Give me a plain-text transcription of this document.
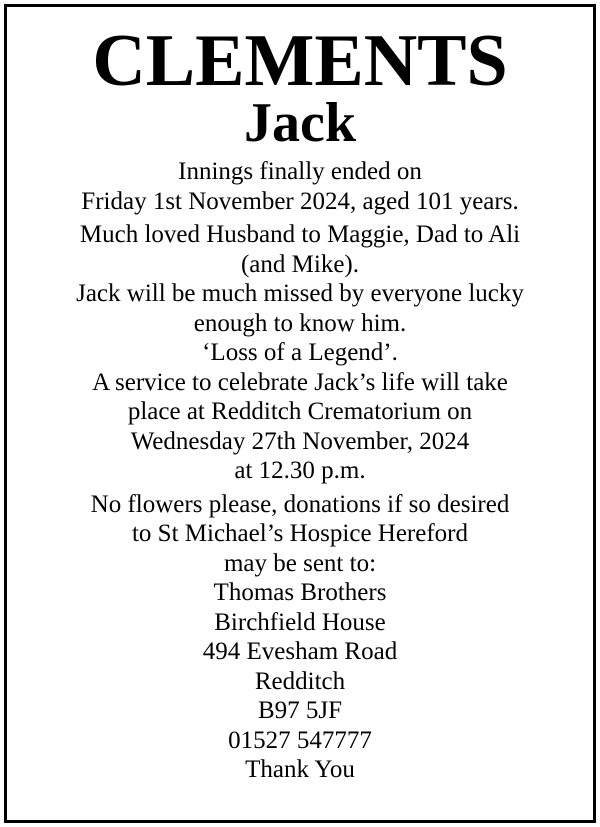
CLEMENTS
Jack
Innings finally ended on
Friday 1st November 2024, aged 101 years.
Much loved Husband to Maggie, Dad to Ali
(and Mike).
Jack will be much missed by everyone lucky
enough to know him.
‘Loss of a Legend’.
A service to celebrate Jack’s life will take
place at Redditch Crematorium on
Wednesday 27th November, 2024
at 12.30 p.m.
No flowers please, donations if so desired
to St Michael’s Hospice Hereford
may be sent to:
Thomas Brothers
Birchfield House
494 Evesham Road
Redditch
B97 5JF
01527 547777
Thank You
